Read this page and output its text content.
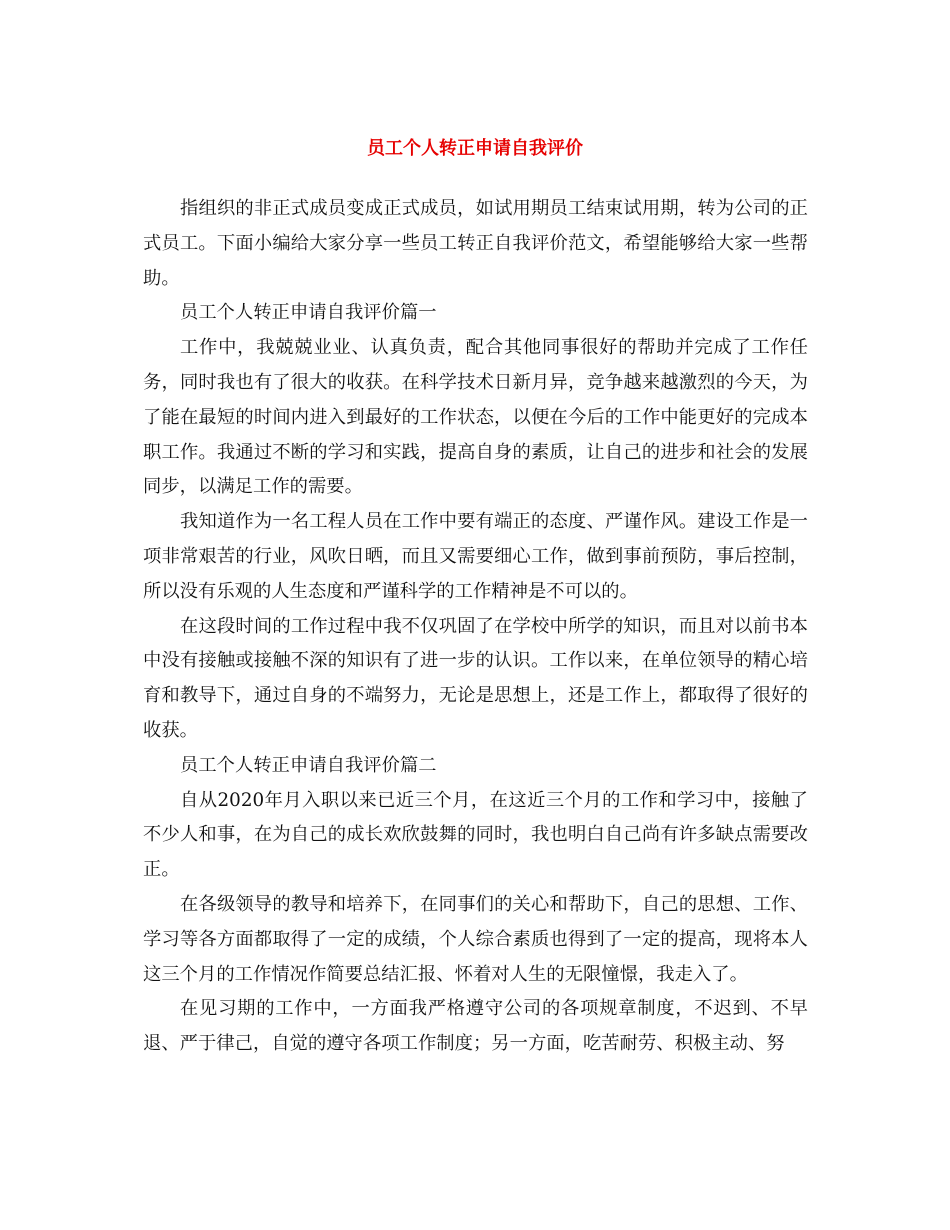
员工个人转正申请自我评价

指组织的非正式成员变成正式成员，如试用期员工结束试用期，转为公司的正式员工。下面小编给大家分享一些员工转正自我评价范文，希望能够给大家一些帮助。

员工个人转正申请自我评价篇一

工作中，我兢兢业业、认真负责，配合其他同事很好的帮助并完成了工作任务，同时我也有了很大的收获。在科学技术日新月异，竞争越来越激烈的今天，为了能在最短的时间内进入到最好的工作状态，以便在今后的工作中能更好的完成本职工作。我通过不断的学习和实践，提高自身的素质，让自己的进步和社会的发展同步，以满足工作的需要。

我知道作为一名工程人员在工作中要有端正的态度、严谨作风。建设工作是一项非常艰苦的行业，风吹日晒，而且又需要细心工作，做到事前预防，事后控制，所以没有乐观的人生态度和严谨科学的工作精神是不可以的。

在这段时间的工作过程中我不仅巩固了在学校中所学的知识，而且对以前书本中没有接触或接触不深的知识有了进一步的认识。工作以来，在单位领导的精心培育和教导下，通过自身的不端努力，无论是思想上，还是工作上，都取得了很好的收获。

员工个人转正申请自我评价篇二

自从2020年月入职以来已近三个月，在这近三个月的工作和学习中，接触了不少人和事，在为自己的成长欢欣鼓舞的同时，我也明白自己尚有许多缺点需要改正。

在各级领导的教导和培养下，在同事们的关心和帮助下，自己的思想、工作、学习等各方面都取得了一定的成绩，个人综合素质也得到了一定的提高，现将本人这三个月的工作情况作简要总结汇报、怀着对人生的无限憧憬，我走入了。

在见习期的工作中，一方面我严格遵守公司的各项规章制度，不迟到、不早退、严于律己，自觉的遵守各项工作制度；另一方面，吃苦耐劳、积极主动、努
